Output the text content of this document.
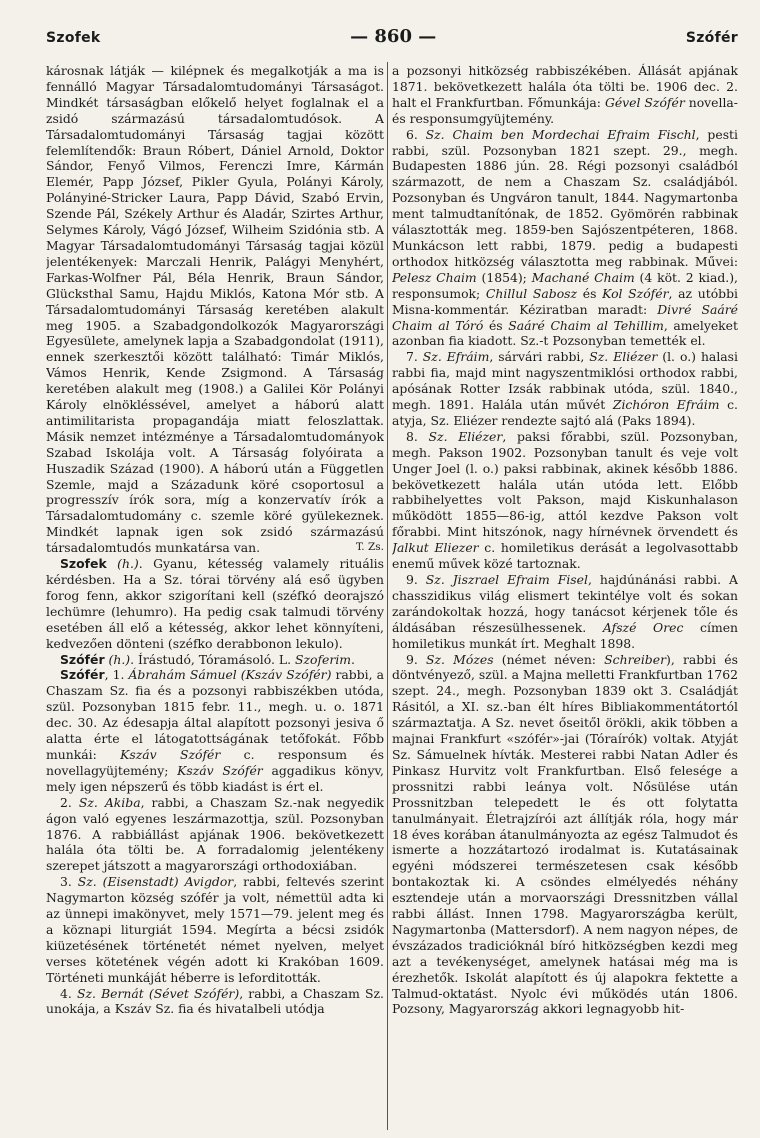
Szofek	— 860 —	Szófér

károsnak látják — kilépnek és megalkotják a ma is fennálló Magyar Társadalomtudományi Társaságot. Mindkét társaságban előkelő helyet foglalnak el a zsidó származású társadalomtudósok. A Társadalomtudományi Társaság tagjai között felemlítendők: Braun Róbert, Dániel Arnold, Doktor Sándor, Fenyő Vilmos, Ferenczi Imre, Kármán Elemér, Papp József, Pikler Gyula, Polányi Károly, Polányiné-Stricker Laura, Papp Dávid, Szabó Ervin, Szende Pál, Székely Arthur és Aladár, Szirtes Arthur, Selymes Károly, Vágó József, Wilheim Szidónia stb. A Magyar Társadalomtudományi Társaság tagjai közül jelentékenyek: Marczali Henrik, Palágyi Menyhért, Farkas-Wolfner Pál, Béla Henrik, Braun Sándor, Glücksthal Samu, Hajdu Miklós, Katona Mór stb. A Társadalomtudományi Társaság keretében alakult meg 1905. a Szabadgondolkozók Magyarországi Egyesülete, amelynek lapja a Szabadgondolat (1911), ennek szerkesztői között található: Timár Miklós, Vámos Henrik, Kende Zsigmond. A Társaság keretében alakult meg (1908.) a Galilei Kör Polányi Károly elnökléssével, amelyet a háború alatt antimilitarista propagandája miatt feloszlattak. Másik nemzet intézménye a Társadalomtudományok Szabad Iskolája volt. A Társaság folyóirata a Huszadik Század (1900). A háború után a Független Szemle, majd a Századunk köré csoportosul a progresszív írók sora, míg a konzervatív írók a Társadalomtudomány c. szemle köré gyülekeznek. Mindkét lapnak igen sok zsidó származású társadalomtudós munkatársa van.	T. Zs.

Szofek (h.). Gyanu, kétesség valamely rituális kérdésben. Ha a Sz. tórai törvény alá eső ügyben forog fenn, akkor szigorítani kell (széfkó deorajszó lechümre (lehumro). Ha pedig csak talmudi törvény esetében áll elő a kétesség, akkor lehet könnyíteni, kedvezően dönteni (széfko derabbonon lekulo).

Szófér (h.). Írástudó, Tóramásoló. L. Szoferim.

Szófér, 1. Ábrahám Sámuel (Kszáv Szófér) rabbi, a Chaszam Sz. fia és a pozsonyi rabbiszékben utóda, szül. Pozsonyban 1815 febr. 11., megh. u. o. 1871 dec. 30. Az édesapja által alapított pozsonyi jesiva ő alatta érte el látogatottságának tetőfokát. Főbb munkái: Kszáv Szófér c. responsum és novellagyüjtemény; Kszáv Szófér aggadikus könyv, mely igen népszerű és több kiadást is ért el.

2. Sz. Akiba, rabbi, a Chaszam Sz.-nak negyedik ágon való egyenes leszármazottja, szül. Pozsonyban 1876. A rabbiállást apjának 1906. bekövetkezett halála óta tölti be. A forradalomig jelentékeny szerepet játszott a magyarországi orthodoxiában.

3. Sz. (Eisenstadt) Avigdor, rabbi, feltevés szerint Nagymarton község szófér ja volt, némettül adta ki az ünnepi imakönyvet, mely 1571—79. jelent meg és a köznapi liturgiát 1594. Megírta a bécsi zsidók kiüzetésének történetét német nyelven, melyet verses kötetének végén adott ki Krakóban 1609. Történeti munkáját héberre is leforditották.

4. Sz. Bernát (Sévet Szófér), rabbi, a Chaszam Sz. unokája, a Kszáv Sz. fia és hivatalbeli utódja

a pozsonyi hitközség rabbiszékében. Állását apjának 1871. bekövetkezett halála óta tölti be. 1906 dec. 2. halt el Frankfurtban. Főmunkája: Gével Szófér novella- és responsumgyüjtemény.

6. Sz. Chaim ben Mordechai Efraim Fischl, pesti rabbi, szül. Pozsonyban 1821 szept. 29., megh. Budapesten 1886 jún. 28. Régi pozsonyi családból származott, de nem a Chaszam Sz. családjából. Pozsonyban és Ungváron tanult, 1844. Nagymartonba ment talmudtanítónak, de 1852. Gyömörén rabbinak választották meg. 1859-ben Sajószentpéteren, 1868. Munkácson lett rabbi, 1879. pedig a budapesti orthodox hitközség választotta meg rabbinak. Művei: Pelesz Chaim (1854); Machané Chaim (4 köt. 2 kiad.), responsumok; Chillul Sabosz és Kol Szófér, az utóbbi Misna-kommentár. Kéziratban maradt: Divré Saáré Chaim al Tóró és Saáré Chaim al Tehillim, amelyeket azonban fia kiadott. Sz.-t Pozsonyban temették el.

7. Sz. Efráim, sárvári rabbi, Sz. Eliézer (l. o.) halasi rabbi fia, majd mint nagyszentmiklósi orthodox rabbi, apósának Rotter Izsák rabbinak utóda, szül. 1840., megh. 1891. Halála után művét Zichóron Efráim c. atyja, Sz. Eliézer rendezte sajtó alá (Paks 1894).

8. Sz. Eliézer, paksi főrabbi, szül. Pozsonyban, megh. Pakson 1902. Pozsonyban tanult és veje volt Unger Joel (l. o.) paksi rabbinak, akinek később 1886. bekövetkezett halála után utóda lett. Előbb rabbihelyettes volt Pakson, majd Kiskunhalason működött 1855—86-ig, attól kezdve Pakson volt főrabbi. Mint hitszónok, nagy hírnévnek örvendett és Jalkut Eliezer c. homiletikus derását a legolvasottabb enemű művek közé tartoznak.

9. Sz. Jiszrael Efraim Fisel, hajdúnánási rabbi. A chasszidikus világ elismert tekintélye volt és sokan zarándokoltak hozzá, hogy tanácsot kérjenek tőle és áldásában részesülhessenek. Afszé Orec címen homiletikus munkát írt. Meghalt 1898.

9. Sz. Mózes (német néven: Schreiber), rabbi és döntvényező, szül. a Majna melletti Frankfurtban 1762 szept. 24., megh. Pozsonyban 1839 okt 3. Családját Rásitól, a XI. sz.-ban élt híres Bibliakommentátortól származtatja. A Sz. nevet őseitől örökli, akik többen a majnai Frankfurt «szófér»-jai (Tóraírók) voltak. Atyját Sz. Sámuelnek hívták. Mesterei rabbi Natan Adler és Pinkasz Hurvitz volt Frankfurtban. Első felesége a prossnitzi rabbi leánya volt. Nősülése után Prossnitzban telepedett le és ott folytatta tanulmányait. Életrajzírói azt állítják róla, hogy már 18 éves korában átanulmányozta az egész Talmudot és ismerte a hozzátartozó irodalmat is. Kutatásainak egyéni módszerei természetesen csak később bontakoztak ki. A csöndes elmélyedés néhány esztendeje után a morvaországi Dressnitzben vállal rabbi állást. Innen 1798. Magyarországba került, Nagymartonba (Mattersdorf). A nem nagyon népes, de évszázados tradicióknál bíró hitközségben kezdi meg azt a tevékenységet, amelynek hatásai még ma is érezhetők. Iskolát alapított és új alapokra fektette a Talmud-oktatást. Nyolc évi működés után 1806. Pozsony, Magyarország akkori legnagyobb hit-
